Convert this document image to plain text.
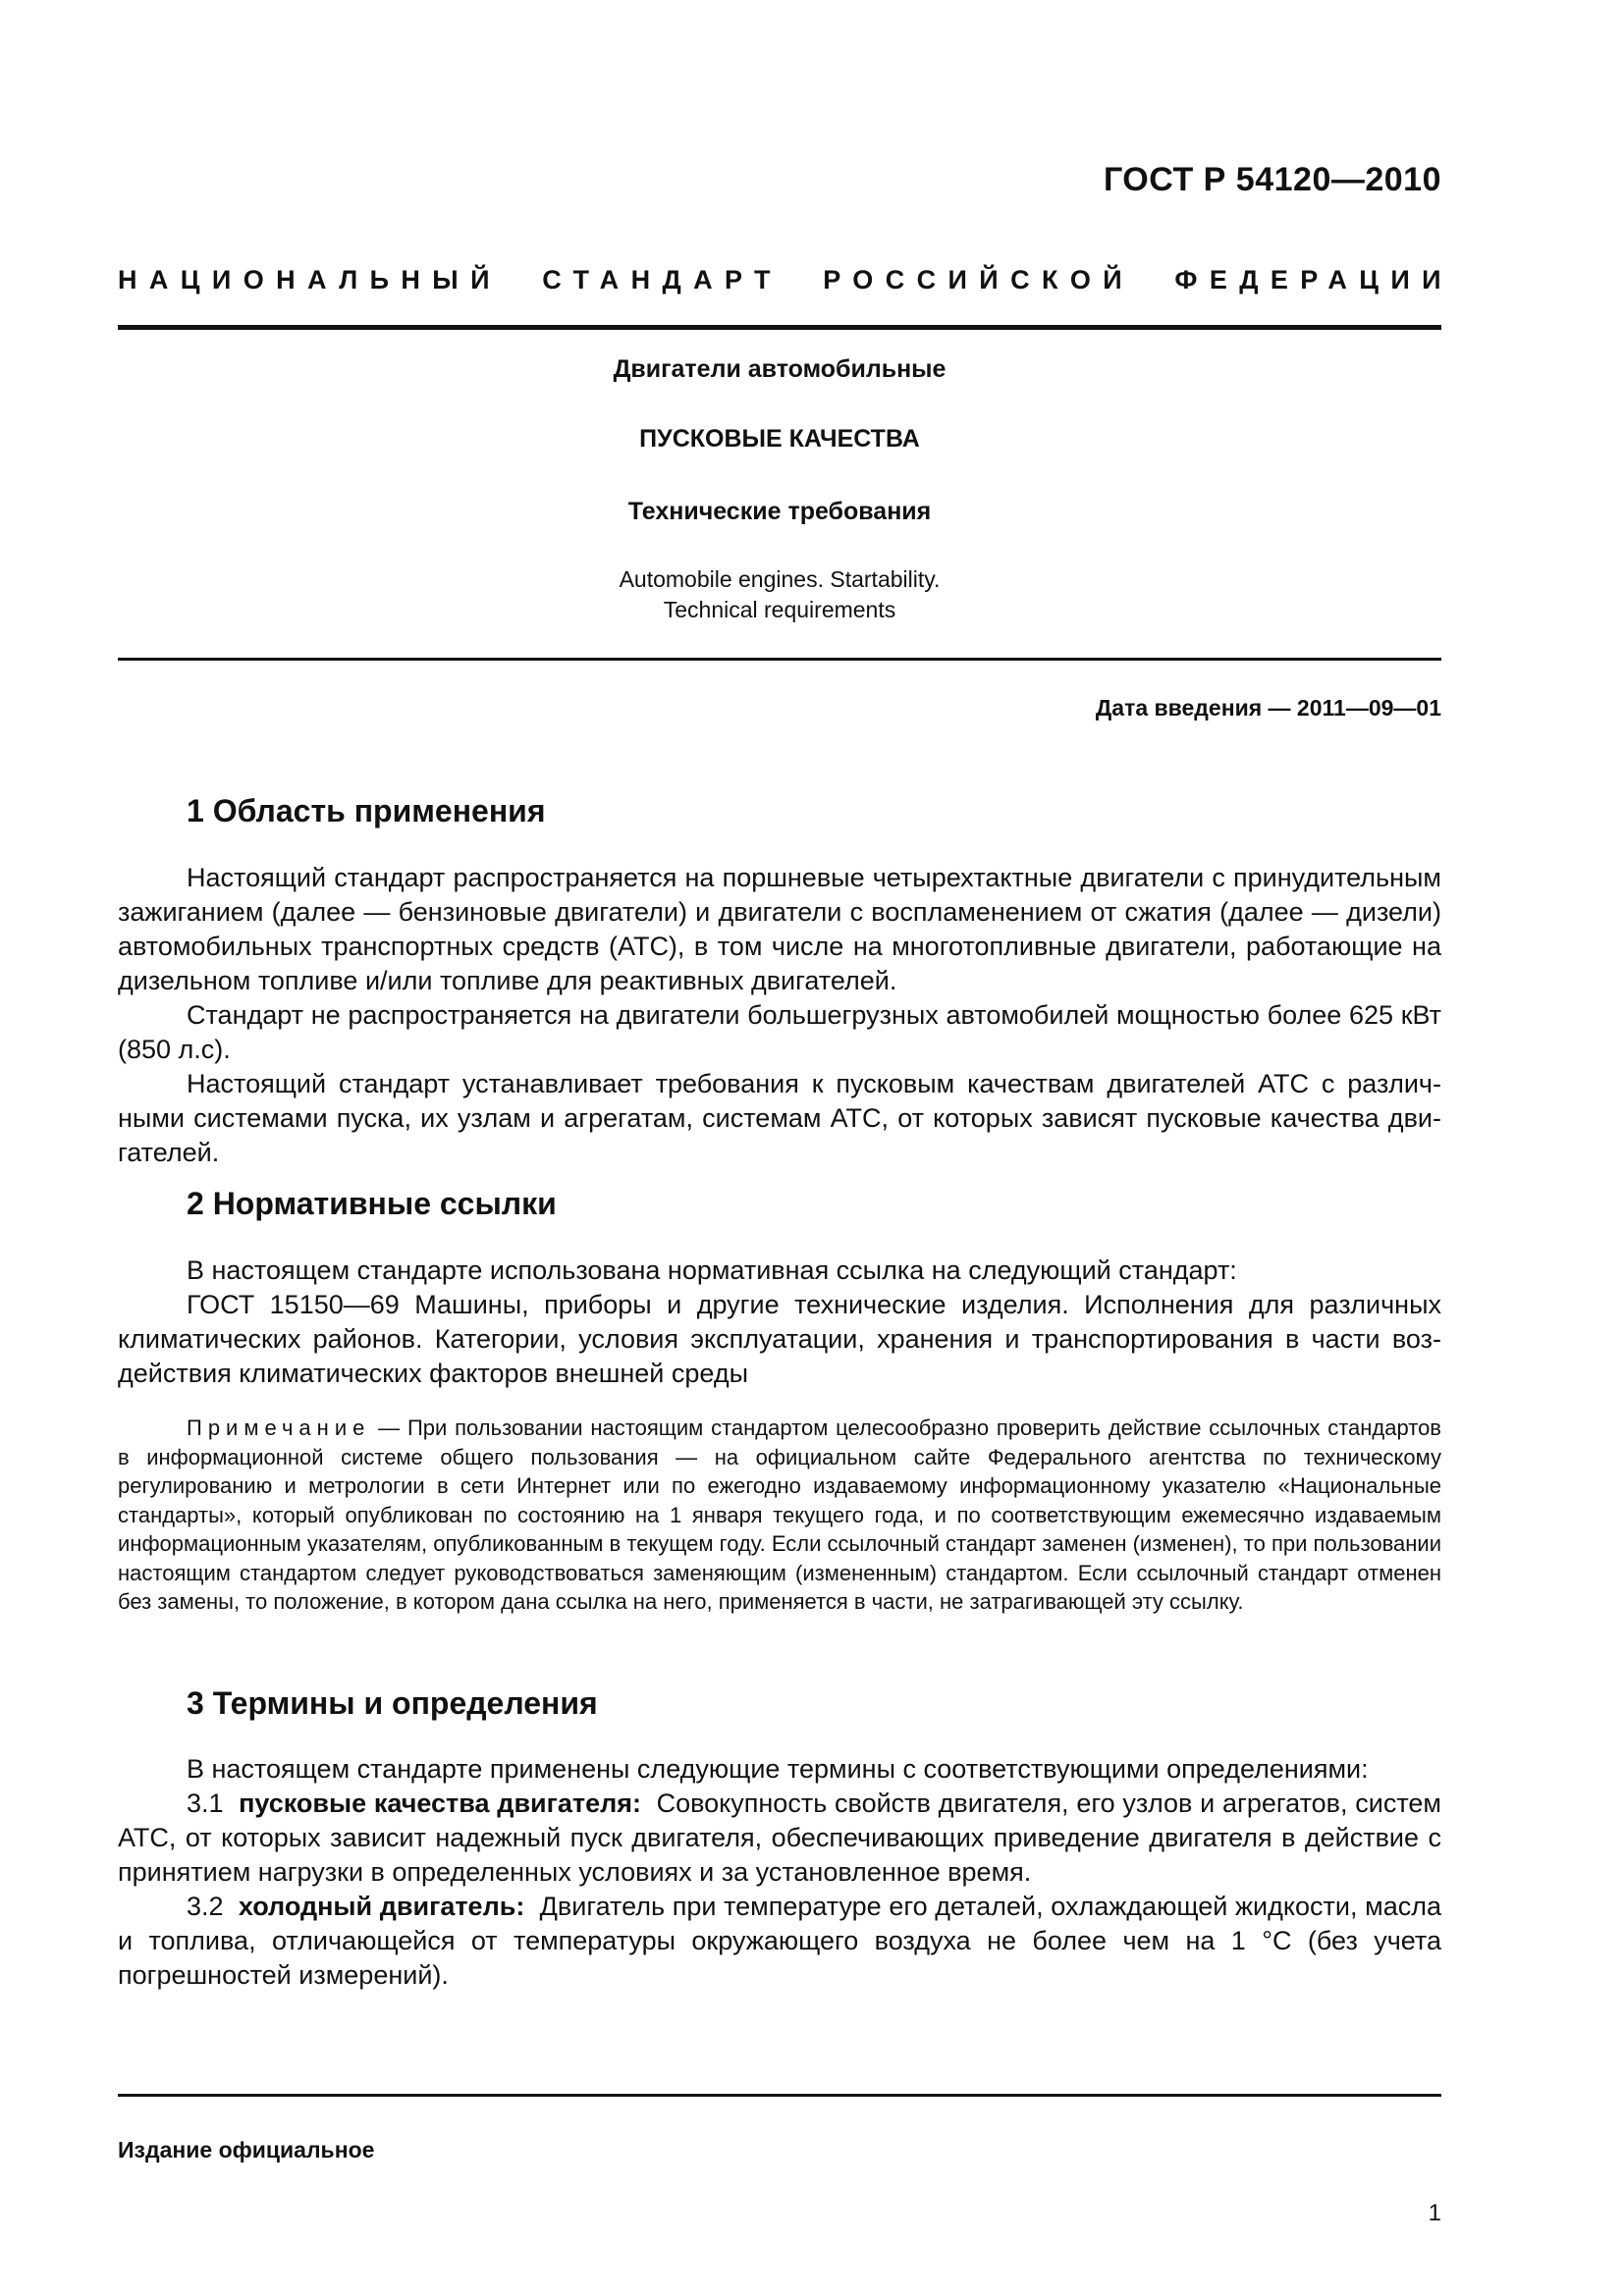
ГОСТ Р 54120—2010
НАЦИОНАЛЬНЫЙ СТАНДАРТ РОССИЙСКОЙ ФЕДЕРАЦИИ
Двигатели автомобильные
ПУСКОВЫЕ КАЧЕСТВА
Технические требования
Automobile engines. Startability.
Technical requirements
Дата введения — 2011—09—01
1 Область применения

Настоящий стандарт распространяется на поршневые четырехтактные двигатели с принудительным зажиганием (далее — бензиновые двигатели) и двигатели с воспламенением от сжатия (далее — дизели) автомобильных транспортных средств (АТС), в том числе на многотопливные двигатели, работающие на дизельном топливе и/или топливе для реактивных двигателей.

Стандарт не распространяется на двигатели большегрузных автомобилей мощностью более 625 кВт (850 л.с).

Настоящий стандарт устанавливает требования к пусковым качествам двигателей АТС с различными системами пуска, их узлам и агрегатам, системам АТС, от которых зависят пусковые качества двигателей.

2 Нормативные ссылки

В настоящем стандарте использована нормативная ссылка на следующий стандарт:

ГОСТ 15150—69 Машины, приборы и другие технические изделия. Исполнения для различных климатических районов. Категории, условия эксплуатации, хранения и транспортирования в части воздействия климатических факторов внешней среды

Примечание — При пользовании настоящим стандартом целесообразно проверить действие ссылочных стандартов в информационной системе общего пользования — на официальном сайте Федерального агентства по техническому регулированию и метрологии в сети Интернет или по ежегодно издаваемому информационному указателю «Национальные стандарты», который опубликован по состоянию на 1 января текущего года, и по соответствующим ежемесячно издаваемым информационным указателям, опубликованным в текущем году. Если ссылочный стандарт заменен (изменен), то при пользовании настоящим стандартом следует руководствоваться заменяющим (измененным) стандартом. Если ссылочный стандарт отменен без замены, то положение, в котором дана ссылка на него, применяется в части, не затрагивающей эту ссылку.

3 Термины и определения

В настоящем стандарте применены следующие термины с соответствующими определениями:

3.1 пусковые качества двигателя: Совокупность свойств двигателя, его узлов и агрегатов, систем АТС, от которых зависит надежный пуск двигателя, обеспечивающих приведение двигателя в действие с принятием нагрузки в определенных условиях и за установленное время.

3.2 холодный двигатель: Двигатель при температуре его деталей, охлаждающей жидкости, масла и топлива, отличающейся от температуры окружающего воздуха не более чем на 1 °С (без учета погрешностей измерений).

Издание официальное
1
